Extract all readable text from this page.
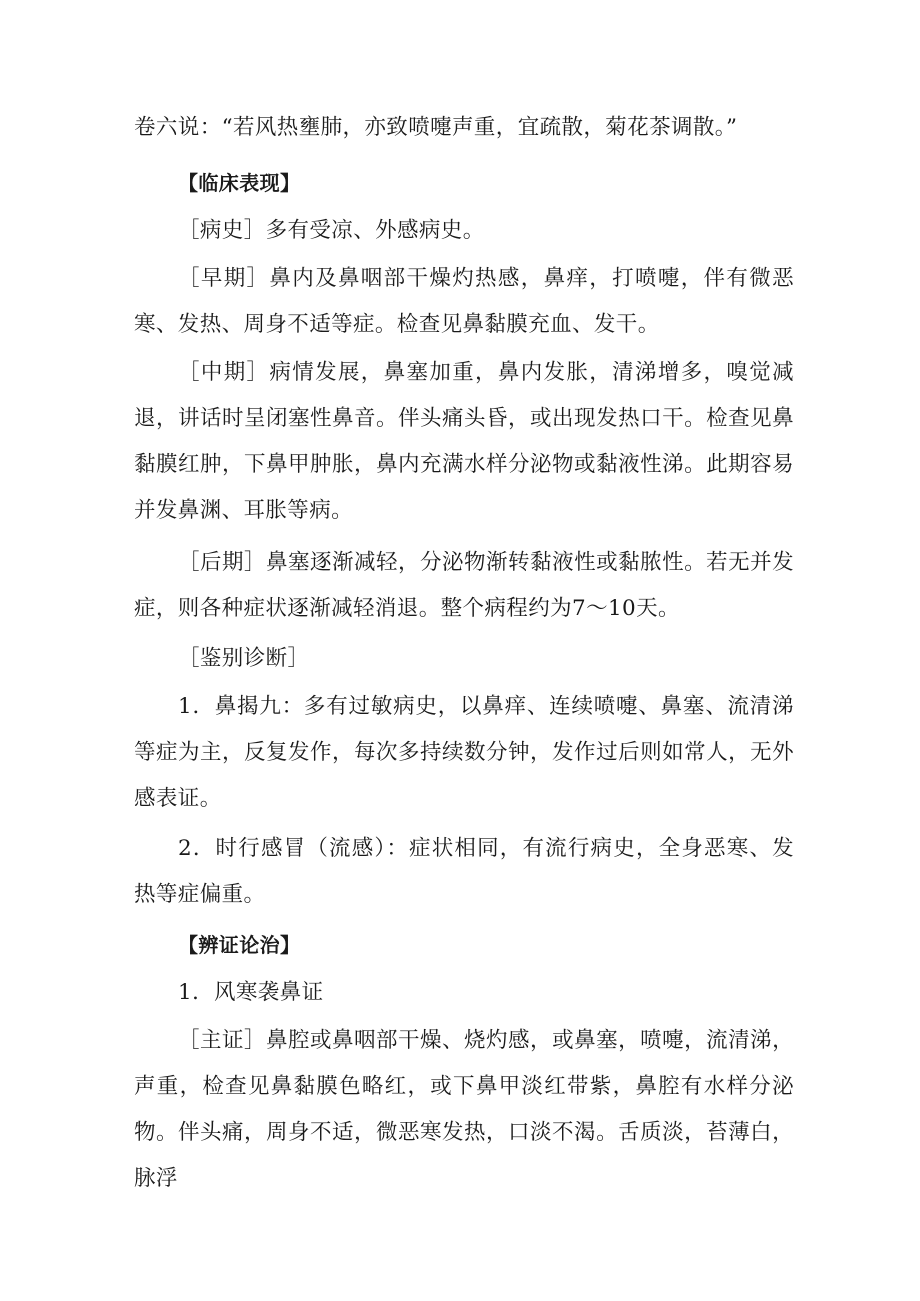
卷六说：“若风热壅肺，亦致喷嚏声重，宜疏散，菊花茶调散。”

【临床表现】

［病史］多有受凉、外感病史。

［早期］鼻内及鼻咽部干燥灼热感，鼻痒，打喷嚏，伴有微恶寒、发热、周身不适等症。检查见鼻黏膜充血、发干。

［中期］病情发展，鼻塞加重，鼻内发胀，清涕增多，嗅觉减退，讲话时呈闭塞性鼻音。伴头痛头昏，或出现发热口干。检查见鼻黏膜红肿，下鼻甲肿胀，鼻内充满水样分泌物或黏液性涕。此期容易并发鼻渊、耳胀等病。

［后期］鼻塞逐渐减轻，分泌物渐转黏液性或黏脓性。若无并发症，则各种症状逐渐减轻消退。整个病程约为7～10天。

［鉴别诊断］

1．鼻揭九：多有过敏病史，以鼻痒、连续喷嚏、鼻塞、流清涕等症为主，反复发作，每次多持续数分钟，发作过后则如常人，无外感表证。

2．时行感冒（流感）：症状相同，有流行病史，全身恶寒、发热等症偏重。

【辨证论治】

1．风寒袭鼻证

［主证］鼻腔或鼻咽部干燥、烧灼感，或鼻塞，喷嚏，流清涕，声重，检查见鼻黏膜色略红，或下鼻甲淡红带紫，鼻腔有水样分泌物。伴头痛，周身不适，微恶寒发热，口淡不渴。舌质淡，苔薄白，脉浮
